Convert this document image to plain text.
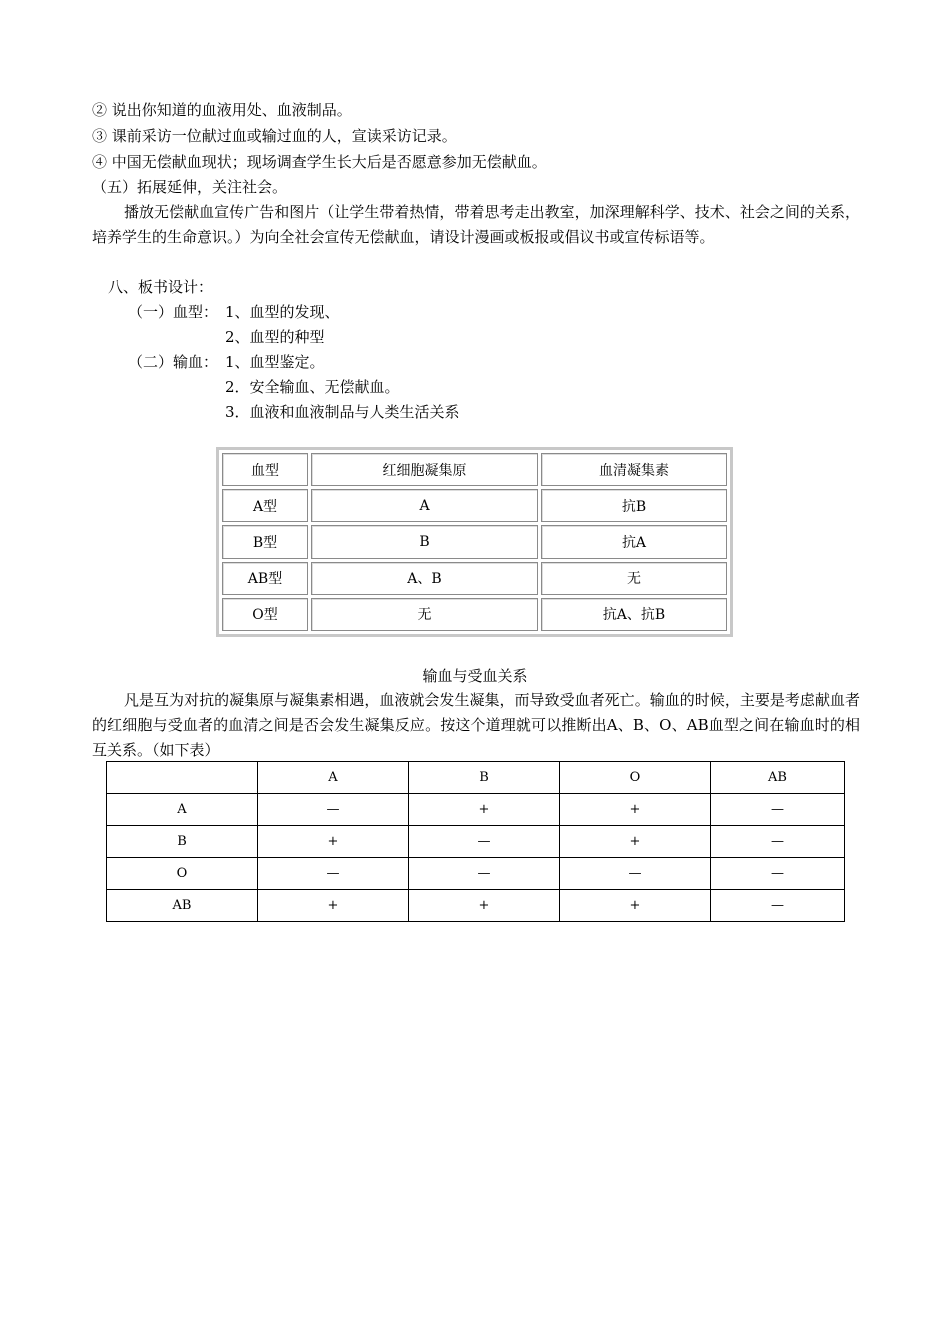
② 说出你知道的血液用处、血液制品。
③ 课前采访一位献过血或输过血的人，宣读采访记录。
④ 中国无偿献血现状；现场调查学生长大后是否愿意参加无偿献血。
（五）拓展延伸，关注社会。
播放无偿献血宣传广告和图片（让学生带着热情，带着思考走出教室，加深理解科学、技术、社会之间的关系，培养学生的生命意识。）为向全社会宣传无偿献血，请设计漫画或板报或倡议书或宣传标语等。
八、板书设计：
（一）血型： 1、血型的发现、
2、血型的种型
（二）输血： 1、血型鉴定。
2．安全输血、无偿献血。
3．血液和血液制品与人类生活关系
血型	红细胞凝集原	血清凝集素
A型	A	抗B
B型	B	抗A
AB型	A、B	无
O型	无	抗A、抗B
输血与受血关系
凡是互为对抗的凝集原与凝集素相遇，血液就会发生凝集，而导致受血者死亡。输血的时候，主要是考虑献血者的红细胞与受血者的血清之间是否会发生凝集反应。按这个道理就可以推断出A、B、O、AB血型之间在输血时的相互关系。（如下表）
	A	B	O	AB
A	—	+	+	—
B	+	—	+	—
O	—	—	—	—
AB	+	+	+	—
